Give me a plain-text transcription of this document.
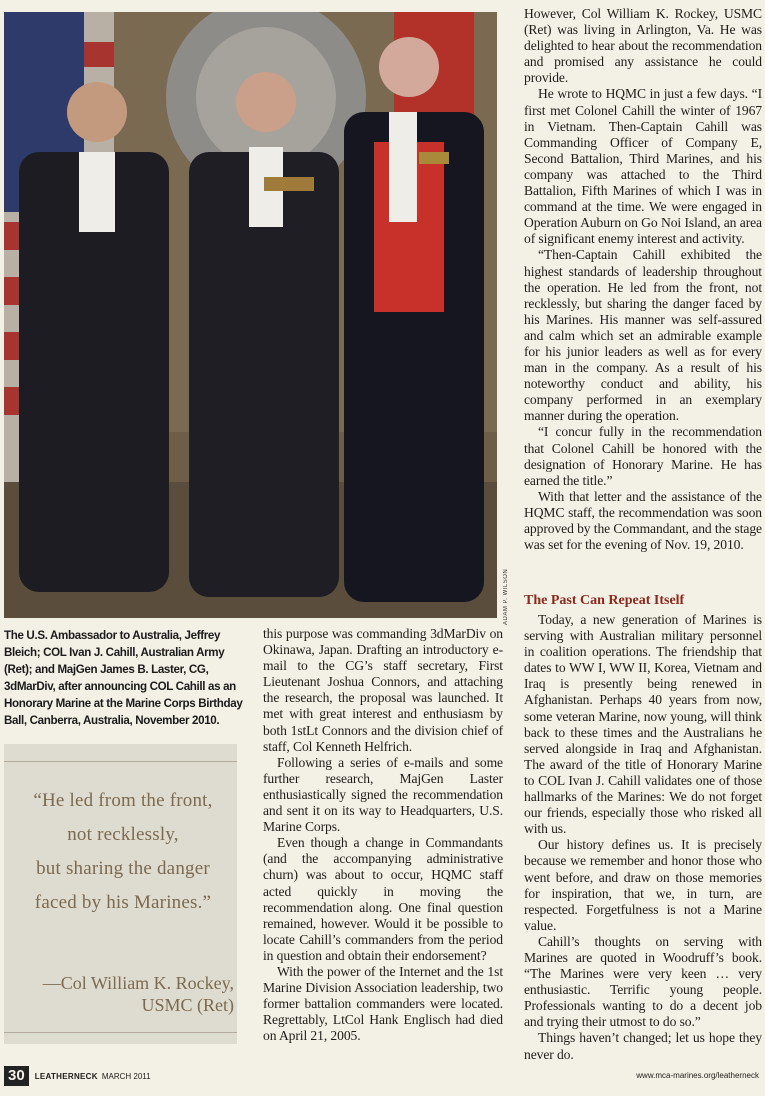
ADAM P. WILSON
The U.S. Ambassador to Australia, Jeffrey Bleich; COL Ivan J. Cahill, Australian Army (Ret); and MajGen James B. Laster, CG, 3dMarDiv, after announcing COL Cahill as an Honorary Marine at the Marine Corps Birthday Ball, Canberra, Australia, November 2010.
“He led from the front,
not recklessly,
but sharing the danger
faced by his Marines.”
—Col William K. Rockey,
USMC (Ret)

this purpose was commanding 3dMarDiv on Okinawa, Japan. Drafting an introductory e-mail to the CG’s staff secretary, First Lieutenant Joshua Connors, and attaching the research, the proposal was launched. It met with great interest and enthusiasm by both 1stLt Connors and the division chief of staff, Col Kenneth Helfrich.

Following a series of e-mails and some further research, MajGen Laster enthusiastically signed the recommendation and sent it on its way to Headquarters, U.S. Marine Corps.

Even though a change in Commandants (and the accompanying administrative churn) was about to occur, HQMC staff acted quickly in moving the recommendation along. One final question remained, however. Would it be possible to locate Cahill’s commanders from the period in question and obtain their endorsement?

With the power of the Internet and the 1st Marine Division Association leadership, two former battalion commanders were located. Regrettably, LtCol Hank Englisch had died on April 21, 2005.

However, Col William K. Rockey, USMC (Ret) was living in Arlington, Va. He was delighted to hear about the recommendation and promised any assistance he could provide.

He wrote to HQMC in just a few days. “I first met Colonel Cahill the winter of 1967 in Vietnam. Then-Captain Cahill was Commanding Officer of Company E, Second Battalion, Third Marines, and his company was attached to the Third Battalion, Fifth Marines of which I was in command at the time. We were engaged in Operation Auburn on Go Noi Island, an area of significant enemy interest and activity.

“Then-Captain Cahill exhibited the highest standards of leadership throughout the operation. He led from the front, not recklessly, but sharing the danger faced by his Marines. His manner was self-assured and calm which set an admirable example for his junior leaders as well as for every man in the company. As a result of his noteworthy conduct and ability, his company performed in an exemplary manner during the operation.

“I concur fully in the recommendation that Colonel Cahill be honored with the designation of Honorary Marine. He has earned the title.”

With that letter and the assistance of the HQMC staff, the recommendation was soon approved by the Commandant, and the stage was set for the evening of Nov. 19, 2010.

The Past Can Repeat Itself

Today, a new generation of Marines is serving with Australian military personnel in coalition operations. The friendship that dates to WW I, WW II, Korea, Vietnam and Iraq is presently being renewed in Afghanistan. Perhaps 40 years from now, some veteran Marine, now young, will think back to these times and the Australians he served alongside in Iraq and Afghanistan. The award of the title of Honorary Marine to COL Ivan J. Cahill validates one of those hallmarks of the Marines: We do not forget our friends, especially those who risked all with us.

Our history defines us. It is precisely because we remember and honor those who went before, and draw on those memories for inspiration, that we, in turn, are respected. Forgetfulness is not a Marine value.

Cahill’s thoughts on serving with Marines are quoted in Woodruff’s book. “The Marines were very keen … very enthusiastic. Terrific young people. Professionals wanting to do a decent job and trying their utmost to do so.”

Things haven’t changed; let us hope they never do.

30	LEATHERNECK MARCH 2011	www.mca-marines.org/leatherneck
